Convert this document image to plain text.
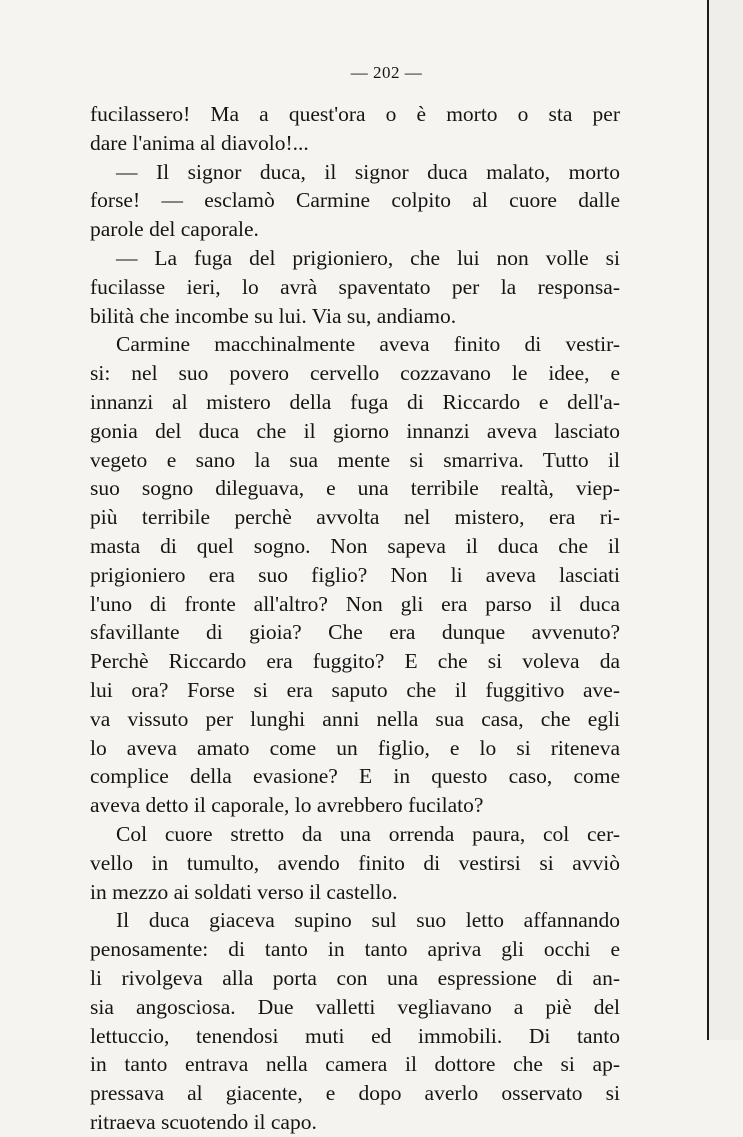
— 202 —

fucilassero! Ma a quest'ora o è morto o sta per
dare l'anima al diavolo!...

— Il signor duca, il signor duca malato, morto
forse! — esclamò Carmine colpito al cuore dalle
parole del caporale.

— La fuga del prigioniero, che lui non volle si
fucilasse ieri, lo avrà spaventato per la responsa-
bilità che incombe su lui. Via su, andiamo.

Carmine macchinalmente aveva finito di vestir-
si: nel suo povero cervello cozzavano le idee, e
innanzi al mistero della fuga di Riccardo e dell'a-
gonia del duca che il giorno innanzi aveva lasciato
vegeto e sano la sua mente si smarriva. Tutto il
suo sogno dileguava, e una terribile realtà, viep-
più terribile perchè avvolta nel mistero, era ri-
masta di quel sogno. Non sapeva il duca che il
prigioniero era suo figlio? Non li aveva lasciati
l'uno di fronte all'altro? Non gli era parso il duca
sfavillante di gioia? Che era dunque avvenuto?
Perchè Riccardo era fuggito? E che si voleva da
lui ora? Forse si era saputo che il fuggitivo ave-
va vissuto per lunghi anni nella sua casa, che egli
lo aveva amato come un figlio, e lo si riteneva
complice della evasione? E in questo caso, come
aveva detto il caporale, lo avrebbero fucilato?

Col cuore stretto da una orrenda paura, col cer-
vello in tumulto, avendo finito di vestirsi si avviò
in mezzo ai soldati verso il castello.

Il duca giaceva supino sul suo letto affannando
penosamente: di tanto in tanto apriva gli occhi e
li rivolgeva alla porta con una espressione di an-
sia angosciosa. Due valletti vegliavano a piè del
lettuccio, tenendosi muti ed immobili. Di tanto
in tanto entrava nella camera il dottore che si ap-
pressava al giacente, e dopo averlo osservato si
ritraeva scuotendo il capo.
